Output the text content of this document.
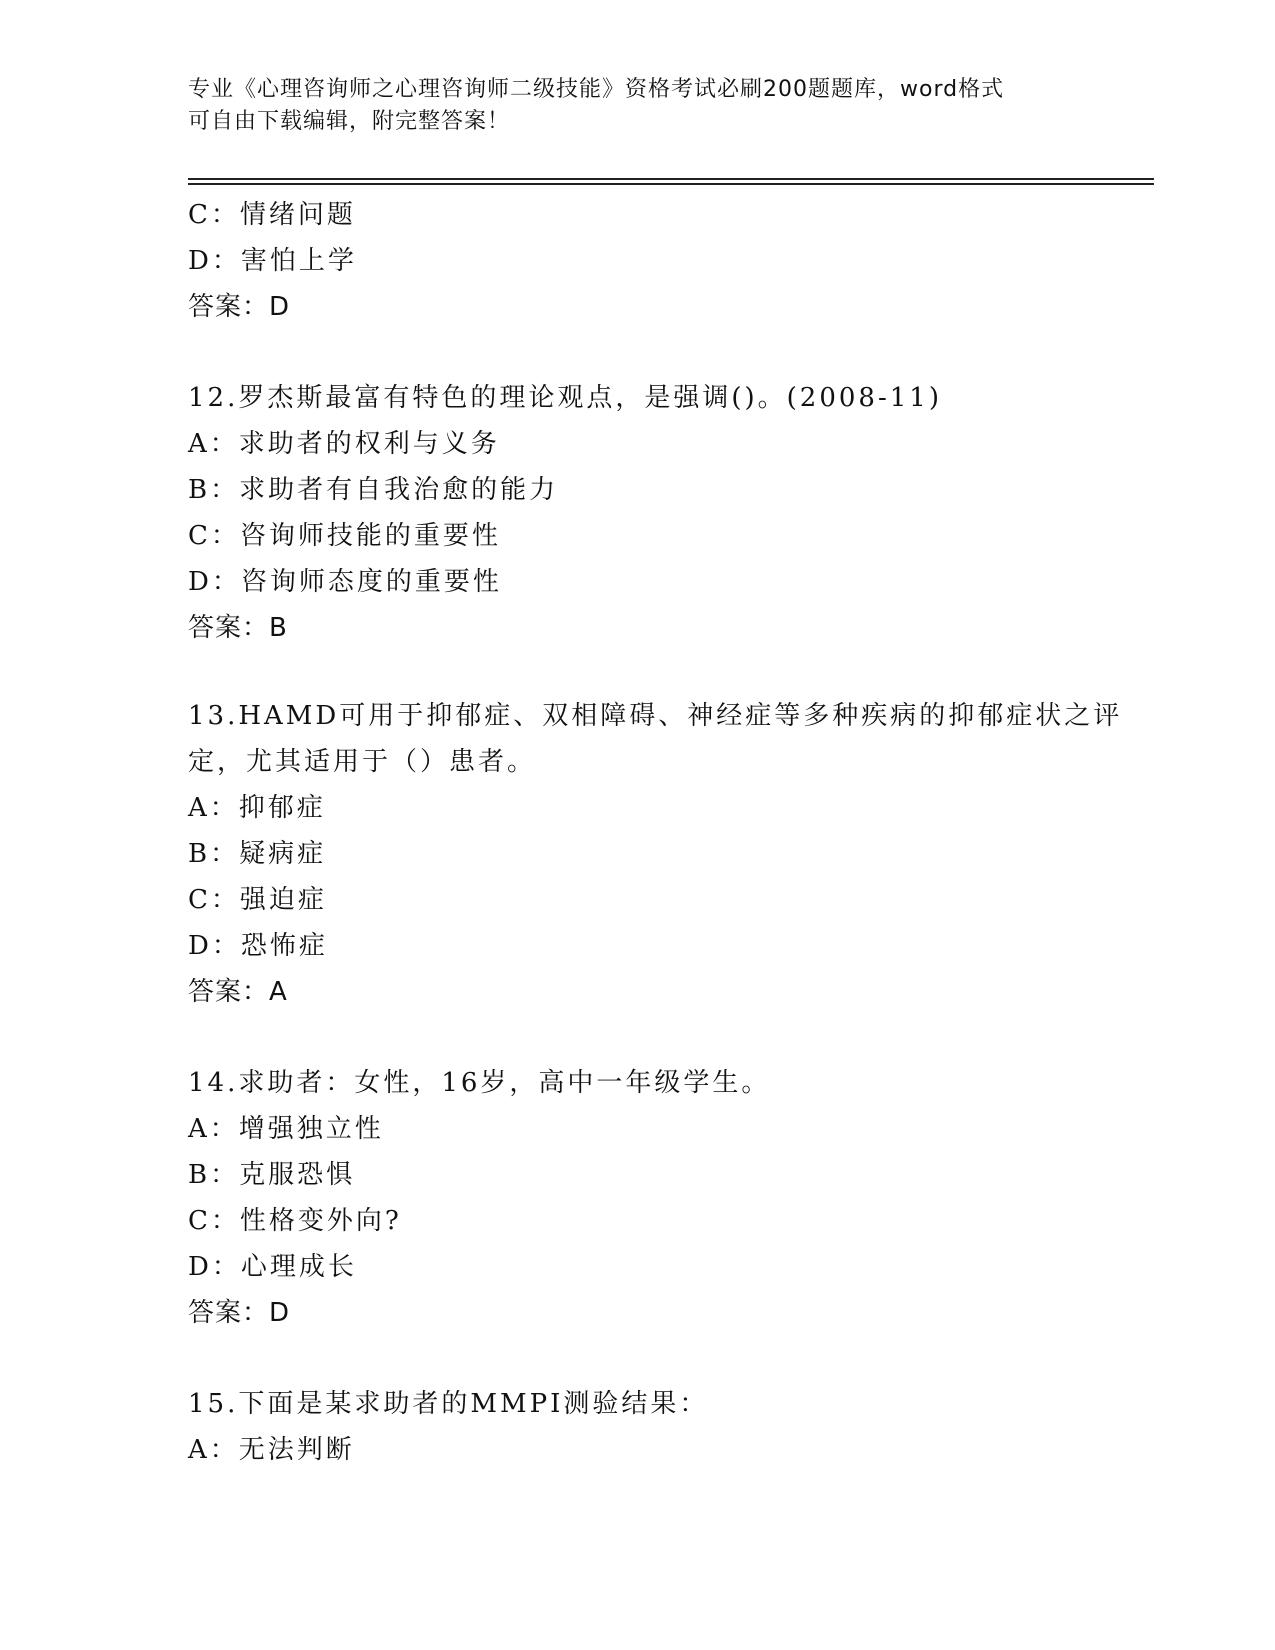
专业《心理咨询师之心理咨询师二级技能》资格考试必刷200题题库，word格式
可自由下载编辑，附完整答案！
C：情绪问题
D：害怕上学
答案：D
12.罗杰斯最富有特色的理论观点，是强调()。(2008-11)
A：求助者的权利与义务
B：求助者有自我治愈的能力
C：咨询师技能的重要性
D：咨询师态度的重要性
答案：B
13.HAMD可用于抑郁症、双相障碍、神经症等多种疾病的抑郁症状之评
定，尤其适用于（）患者。
A：抑郁症
B：疑病症
C：强迫症
D：恐怖症
答案：A
14.求助者：女性，16岁，高中一年级学生。
A：增强独立性
B：克服恐惧
C：性格变外向?
D：心理成长
答案：D
15.下面是某求助者的MMPI测验结果：
A：无法判断
